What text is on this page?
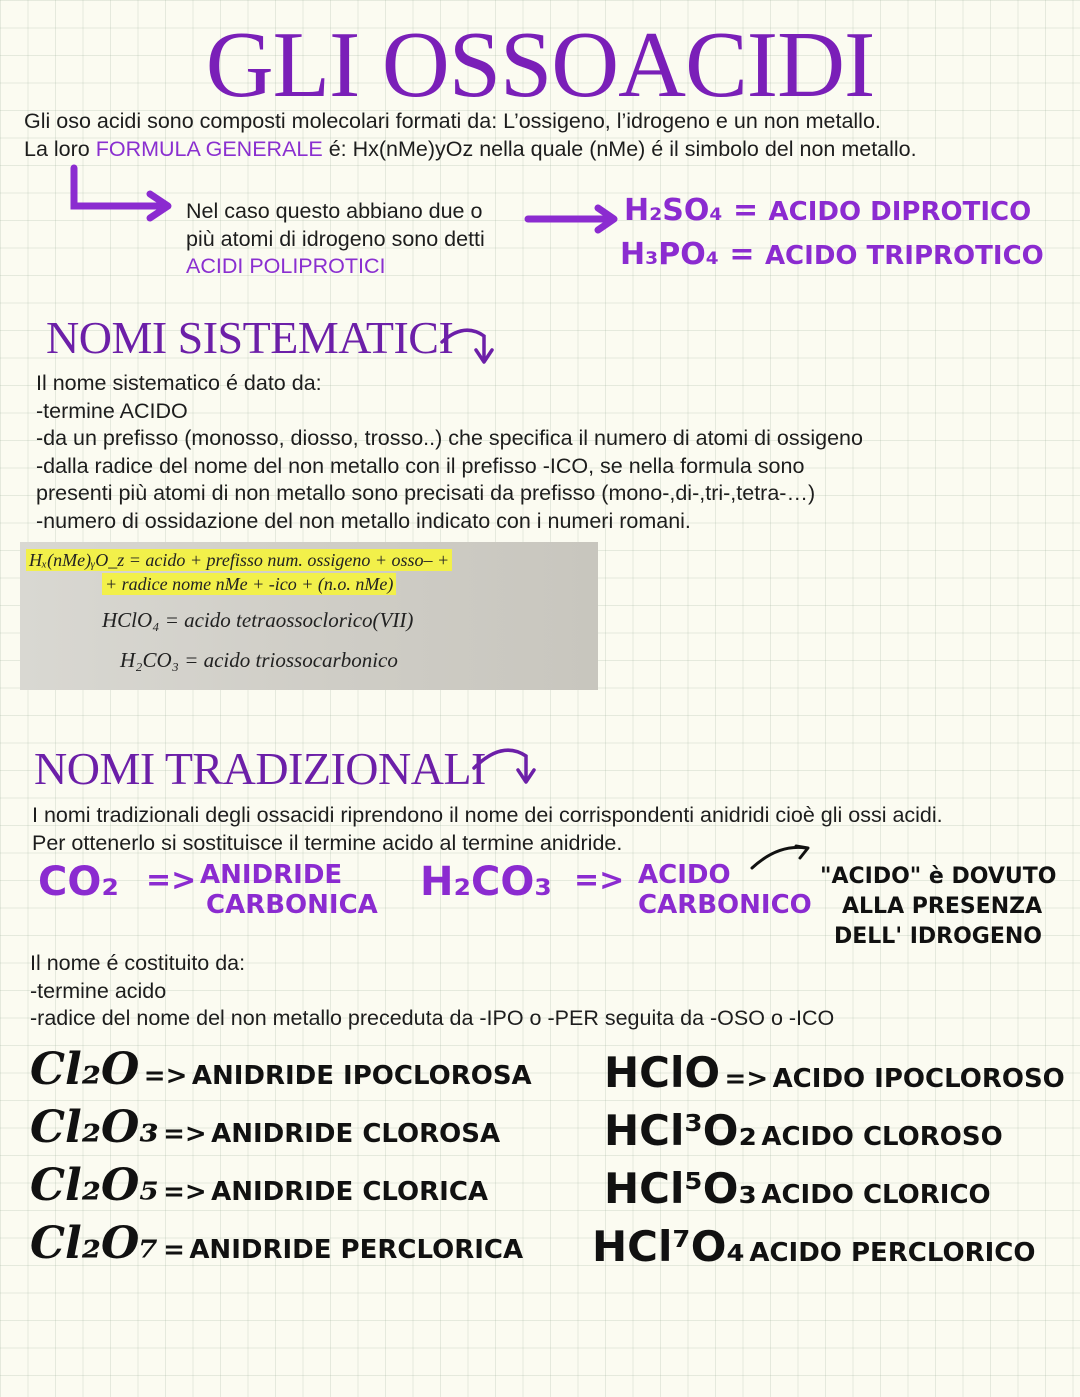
GLI OSSOACIDI
Gli oso acidi sono composti molecolari formati da: L’ossigeno, l’idrogeno e un non metallo.
La loro FORMULA GENERALE é: Hx(nMe)yOz nella quale (nMe) é il simbolo del non metallo.
Nel caso questo abbiano due o
più atomi di idrogeno sono detti
ACIDI POLIPROTICI
H₂SO₄ = ACIDO DIPROTICO
H₃PO₄ = ACIDO TRIPROTICO
NOMI SISTEMATICI
Il nome sistematico é dato da:
-termine ACIDO
-da un prefisso (monosso, diosso, trosso..) che specifica il numero di atomi di ossigeno
-dalla radice del nome del non metallo con il prefisso -ICO, se nella formula sono
presenti più atomi di non metallo sono precisati da prefisso (mono-,di-,tri-,tetra-…)
-numero di ossidazione del non metallo indicato con i numeri romani.
Hₓ(nMe)ᵧO_z = acido + prefisso num. ossigeno + osso– +
+ radice nome nMe + -ico + (n.o. nMe)
HClO₄ = acido tetraossoclorico(VII)
H₂CO₃ = acido triossocarbonico
NOMI TRADIZIONALI
I nomi tradizionali degli ossacidi riprendono il nome dei corrispondenti anidridi cioè gli ossi acidi.
Per ottenerlo si sostituisce il termine acido al termine anidride.
CO₂ => ANIDRIDE
CARBONICA H₂CO₃ => ACIDO
CARBONICO
"ACIDO" è DOVUTO
ALLA PRESENZA
DELL' IDROGENO
Il nome é costituito da:
-termine acido
-radice del nome del non metallo preceduta da -IPO o -PER seguita da -OSO o -ICO
Cl₂O => ANIDRIDE IPOCLOROSA HClO => ACIDO IPOCLOROSO
Cl₂O₃ => ANIDRIDE CLOROSA HCl³O₂ ACIDO CLOROSO
Cl₂O₅ => ANIDRIDE CLORICA	HCl⁵O₃ ACIDO CLORICO
Cl₂O₇ = ANIDRIDE PERCLORICA HCl⁷O₄ ACIDO PERCLORICO
